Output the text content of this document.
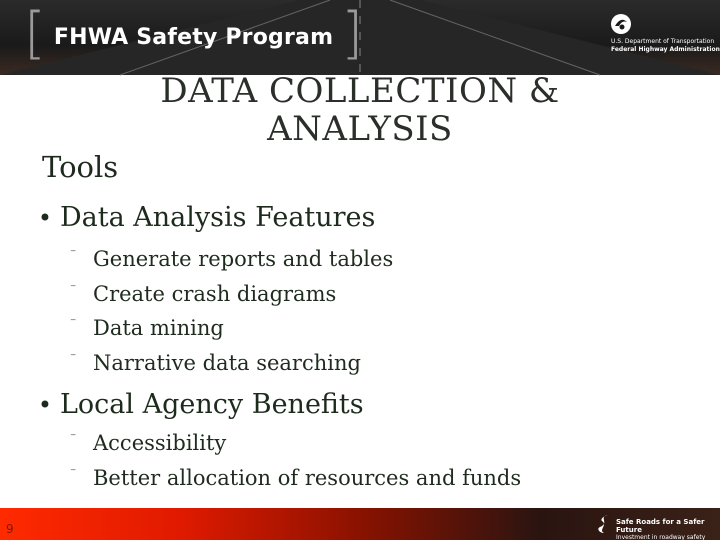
[ FHWA Safety Program ]	U.S. Department of Transportation
Federal Highway Administration
DATA COLLECTION &
ANALYSIS
Tools
• Data Analysis Features
⁻ Generate reports and tables
⁻ Create crash diagrams
⁻ Data mining
⁻ Narrative data searching
• Local Agency Benefits
⁻ Accessibility
⁻ Better allocation of resources and funds
9	Safe Roads for a Safer Future
Investment in roadway safety saves lives
